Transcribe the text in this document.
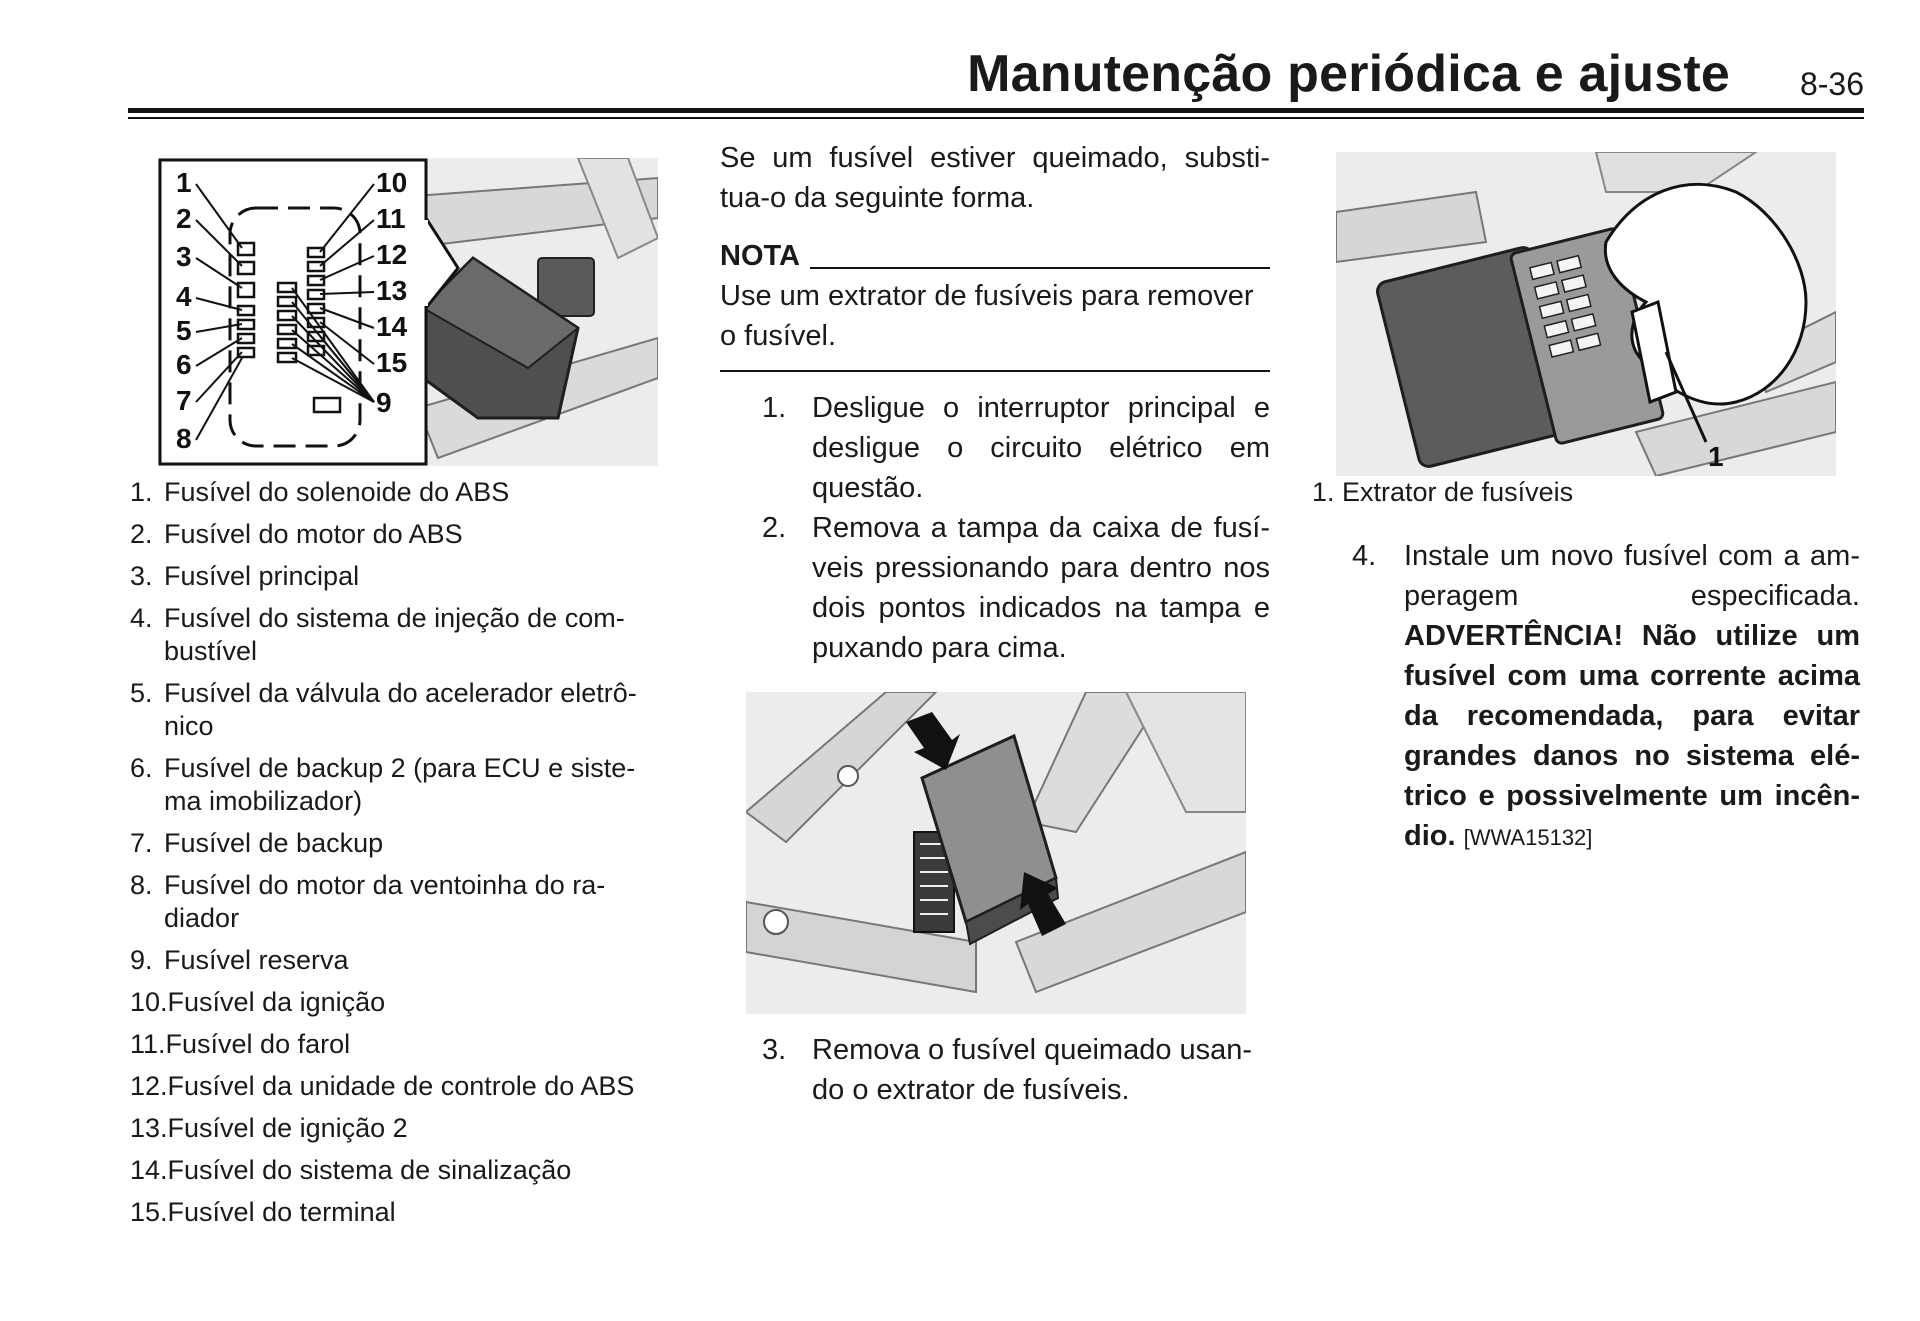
Manutenção periódica e ajuste 8-36
1
2
3
4
5
6
7
8
10
11
12
13
14
15
9
1. Fusível do solenoide do ABS
2. Fusível do motor do ABS
3. Fusível principal
4. Fusível do sistema de injeção de com-bustível
5. Fusível da válvula do acelerador eletrô-nico
6. Fusível de backup 2 (para ECU e siste-ma imobilizador)
7. Fusível de backup
8. Fusível do motor da ventoinha do ra-diador
9. Fusível reserva
10. Fusível da ignição
11. Fusível do farol
12. Fusível da unidade de controle do ABS
13. Fusível de ignição 2
14. Fusível do sistema de sinalização
15. Fusível do terminal

Se um fusível estiver queimado, substi-tua-o da seguinte forma.

NOTA

Use um extrator de fusíveis para remover o fusível.

1. Desligue o interruptor principal e desligue o circuito elétrico em questão.
2. Remova a tampa da caixa de fusí-veis pressionando para dentro nos dois pontos indicados na tampa e puxando para cima.
3. Remova o fusível queimado usan-do o extrator de fusíveis.
1
1. Extrator de fusíveis
4. Instale um novo fusível com a am-peragem especificada. ADVERTÊNCIA! Não utilize um fusível com uma corrente acima da recomendada, para evitar grandes danos no sistema elé-trico e possivelmente um incên-dio. [WWA15132]
